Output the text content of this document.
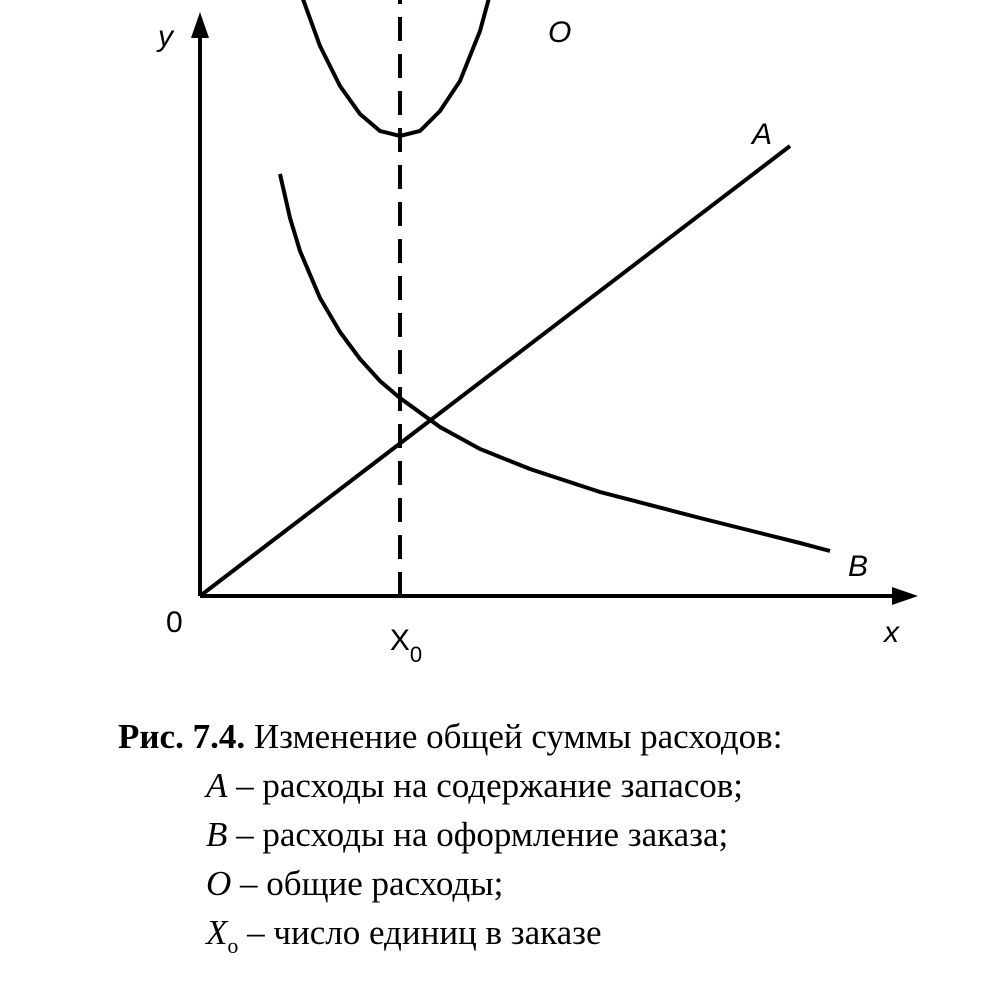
y
x
0
$X_0$
O
A
B
Рис. 7.4. Изменение общей суммы расходов:
A – расходы на содержание запасов;
B – расходы на оформление заказа;
O – общие расходы;
$X_o$ – число единиц в заказе
